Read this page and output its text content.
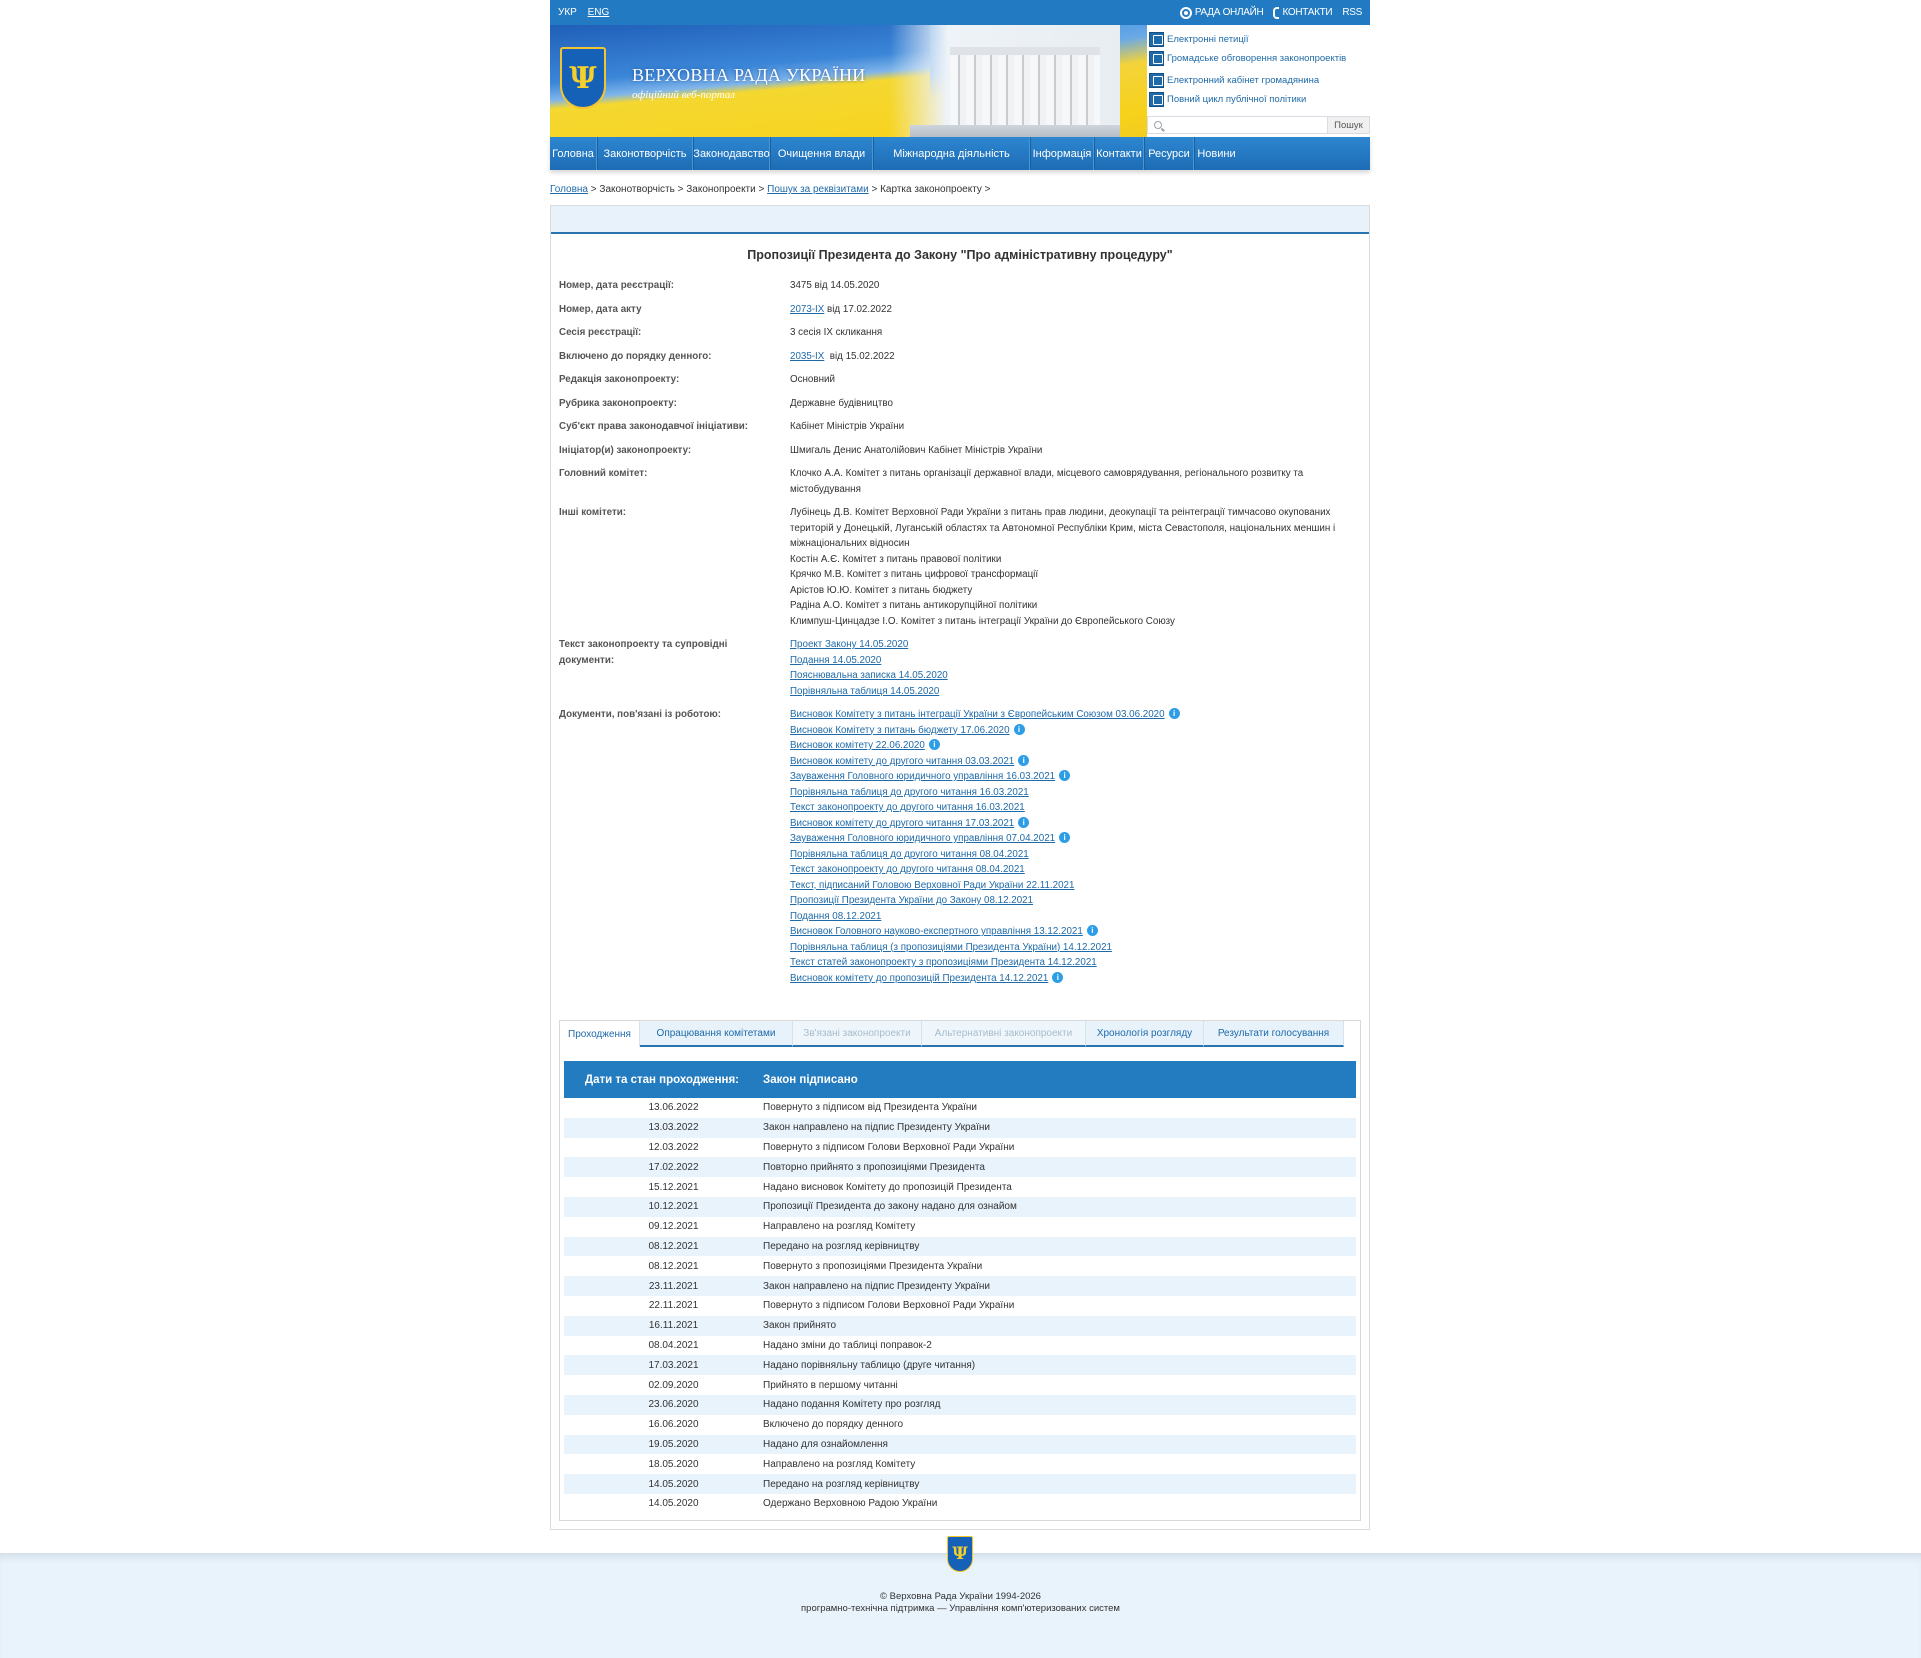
УКР ENG	РАДА ОНЛАЙН КОНТАКТИ RSS
Ψ	ВЕРХОВНА РАДА УКРАЇНИ
офіційний веб-портал
Електронні петиції
Громадське обговорення законопроектів
Електронний кабінет громадянина
Повний цикл публічної політики
Пошук
Головна Законотворчість Законодавство Очищення влади	Міжнародна діяльність	Інформація Контакти Ресурси Новини
Головна > Законотворчість > Законопроекти > Пошук за реквізитами > Картка законопроекту >
Пропозиції Президента до Закону "Про адміністративну процедуру"
Номер, дата реєстрації:	3475 від 14.05.2020
Номер, дата акту	2073-IX від 17.02.2022
Сесія реєстрації:	3 сесія IX скликання
Включено до порядку денного:	2035-IX  від 15.02.2022
Редакція законопроекту:	Основний
Рубрика законопроекту:	Державне будівництво
Суб'єкт права законодавчої ініціативи:	Кабінет Міністрів України
Ініціатор(и) законопроекту:	Шмигаль Денис Анатолійович Кабінет Міністрів України
Головний комітет:	Клочко А.А. Комітет з питань організації державної влади, місцевого самоврядування, регіонального розвитку та містобудування
Інші комітети:	Лубінець Д.В. Комітет Верховної Ради України з питань прав людини, деокупації та реінтеграції тимчасово окупованих територій у Донецькій, Луганській областях та Автономної Республіки Крим, міста Севастополя, національних меншин і міжнаціональних відносин
Костін А.Є. Комітет з питань правової політики
Крячко М.В. Комітет з питань цифрової трансформації
Арістов Ю.Ю. Комітет з питань бюджету
Радіна А.О. Комітет з питань антикорупційної політики
Климпуш-Цинцадзе І.О. Комітет з питань інтеграції України до Європейського Союзу
Текст законопроекту та супровідні документи:
Проект Закону 14.05.2020
Подання 14.05.2020
Пояснювальна записка 14.05.2020
Порівняльна таблиця 14.05.2020
Документи, пов'язані із роботою:	Висновок Комітету з питань інтеграції України з Європейським Союзом 03.06.2020 i
Висновок Комітету з питань бюджету 17.06.2020 i
Висновок комітету 22.06.2020 i
Висновок комітету до другого читання 03.03.2021 i
Зауваження Головного юридичного управління 16.03.2021 i
Порівняльна таблиця до другого читання 16.03.2021
Текст законопроекту до другого читання 16.03.2021
Висновок комітету до другого читання 17.03.2021 i
Зауваження Головного юридичного управління 07.04.2021 i
Порівняльна таблиця до другого читання 08.04.2021
Текст законопроекту до другого читання 08.04.2021
Текст, підписаний Головою Верховної Ради України 22.11.2021
Пропозиції Президента України до Закону 08.12.2021
Подання 08.12.2021
Висновок Головного науково-експертного управління 13.12.2021 i
Порівняльна таблиця (з пропозиціями Президента України) 14.12.2021
Текст статей законопроекту з пропозиціями Президента 14.12.2021
Висновок комітету до пропозицій Президента 14.12.2021 i
Проходження	Опрацювання комітетами	Зв'язані законопроекти	Альтернативні законопроекти	Хронологія розгляду	Результати голосування
Дати та стан проходження:	Закон підписано
13.06.2022	Повернуто з підписом від Президента України
13.03.2022	Закон направлено на підпис Президенту України
12.03.2022	Повернуто з підписом Голови Верховної Ради України
17.02.2022	Повторно прийнято з пропозиціями Президента
15.12.2021	Надано висновок Комітету до пропозицій Президента
10.12.2021	Пропозиції Президента до закону надано для ознайом
09.12.2021	Направлено на розгляд Комітету
08.12.2021	Передано на розгляд керівництву
08.12.2021	Повернуто з пропозиціями Президента України
23.11.2021	Закон направлено на підпис Президенту України
22.11.2021	Повернуто з підписом Голови Верховної Ради України
16.11.2021	Закон прийнято
08.04.2021	Надано зміни до таблиці поправок-2
17.03.2021	Надано порівняльну таблицю (друге читання)
02.09.2020	Прийнято в першому читанні
23.06.2020	Надано подання Комітету про розгляд
16.06.2020	Включено до порядку денного
19.05.2020	Надано для ознайомлення
18.05.2020	Направлено на розгляд Комітету
14.05.2020	Передано на розгляд керівництву
14.05.2020	Одержано Верховною Радою України
Ψ
© Верховна Рада України 1994-2026
програмно-технічна підтримка — Управління комп'ютеризованих систем
